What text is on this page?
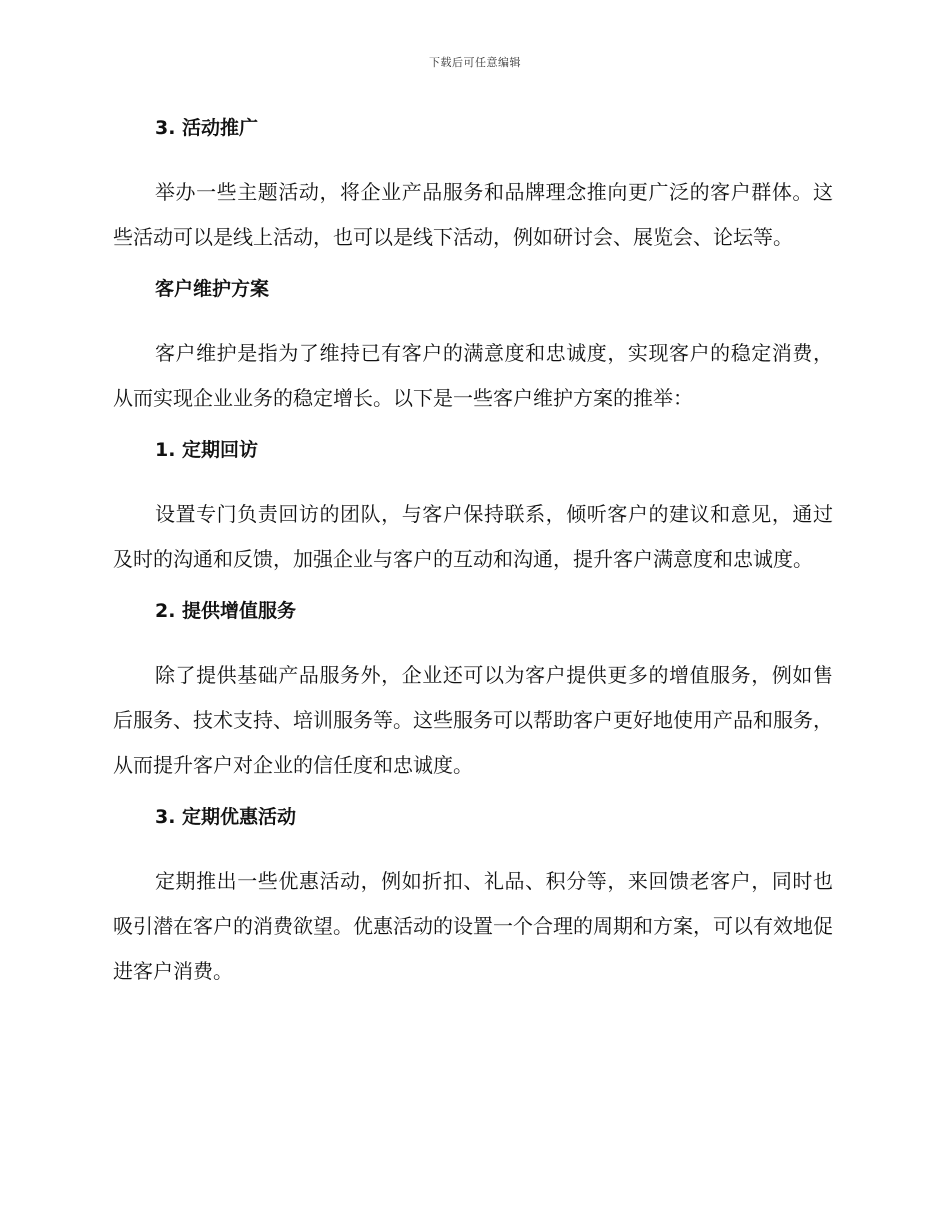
下载后可任意编辑
3. 活动推广
举办一些主题活动，将企业产品服务和品牌理念推向更广泛的客户群体。这些活动可以是线上活动，也可以是线下活动，例如研讨会、展览会、论坛等。
客户维护方案
客户维护是指为了维持已有客户的满意度和忠诚度，实现客户的稳定消费，从而实现企业业务的稳定增长。以下是一些客户维护方案的推举：
1. 定期回访
设置专门负责回访的团队，与客户保持联系，倾听客户的建议和意见，通过及时的沟通和反馈，加强企业与客户的互动和沟通，提升客户满意度和忠诚度。
2. 提供增值服务
除了提供基础产品服务外，企业还可以为客户提供更多的增值服务，例如售后服务、技术支持、培训服务等。这些服务可以帮助客户更好地使用产品和服务，从而提升客户对企业的信任度和忠诚度。
3. 定期优惠活动
定期推出一些优惠活动，例如折扣、礼品、积分等，来回馈老客户，同时也吸引潜在客户的消费欲望。优惠活动的设置一个合理的周期和方案，可以有效地促进客户消费。
